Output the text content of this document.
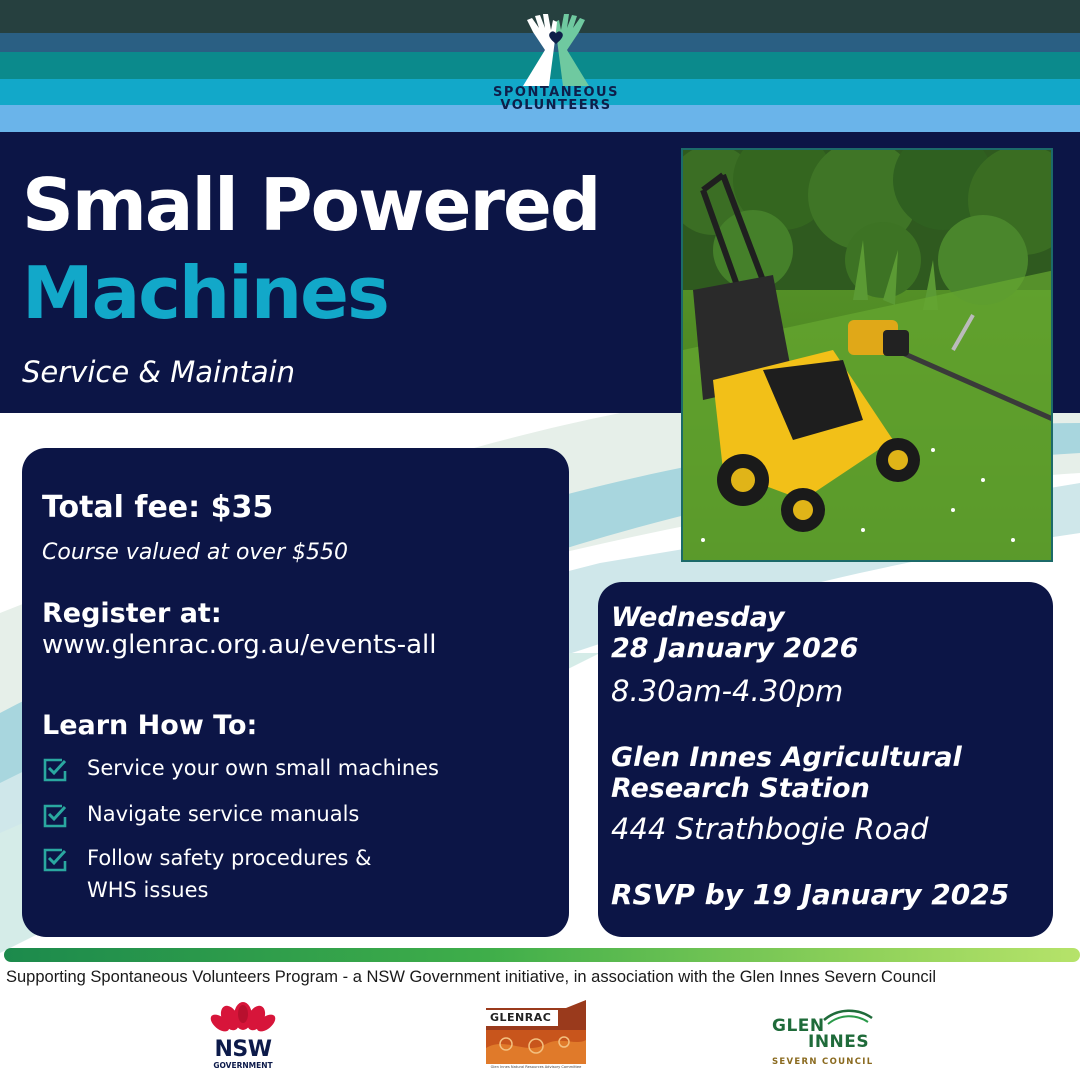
SPONTANEOUS
VOLUNTEERS
Small Powered
Machines
Service & Maintain
Total fee: $35
Course valued at over $550
Register at:
www.glenrac.org.au/events-all
Learn How To:
Service your own small machines
Navigate service manuals
Follow safety procedures & WHS issues
Wednesday
28 January 2026
8.30am-4.30pm
Glen Innes Agricultural
Research Station
444 Strathbogie Road
RSVP by 19 January 2025
Supporting Spontaneous Volunteers Program - a NSW Government initiative, in association with the Glen Innes Severn Council
NSW
GOVERNMENT
GLENRAC
Glen Innes Natural Resources Advisory Committee
GLEN
INNES
SEVERN COUNCIL
